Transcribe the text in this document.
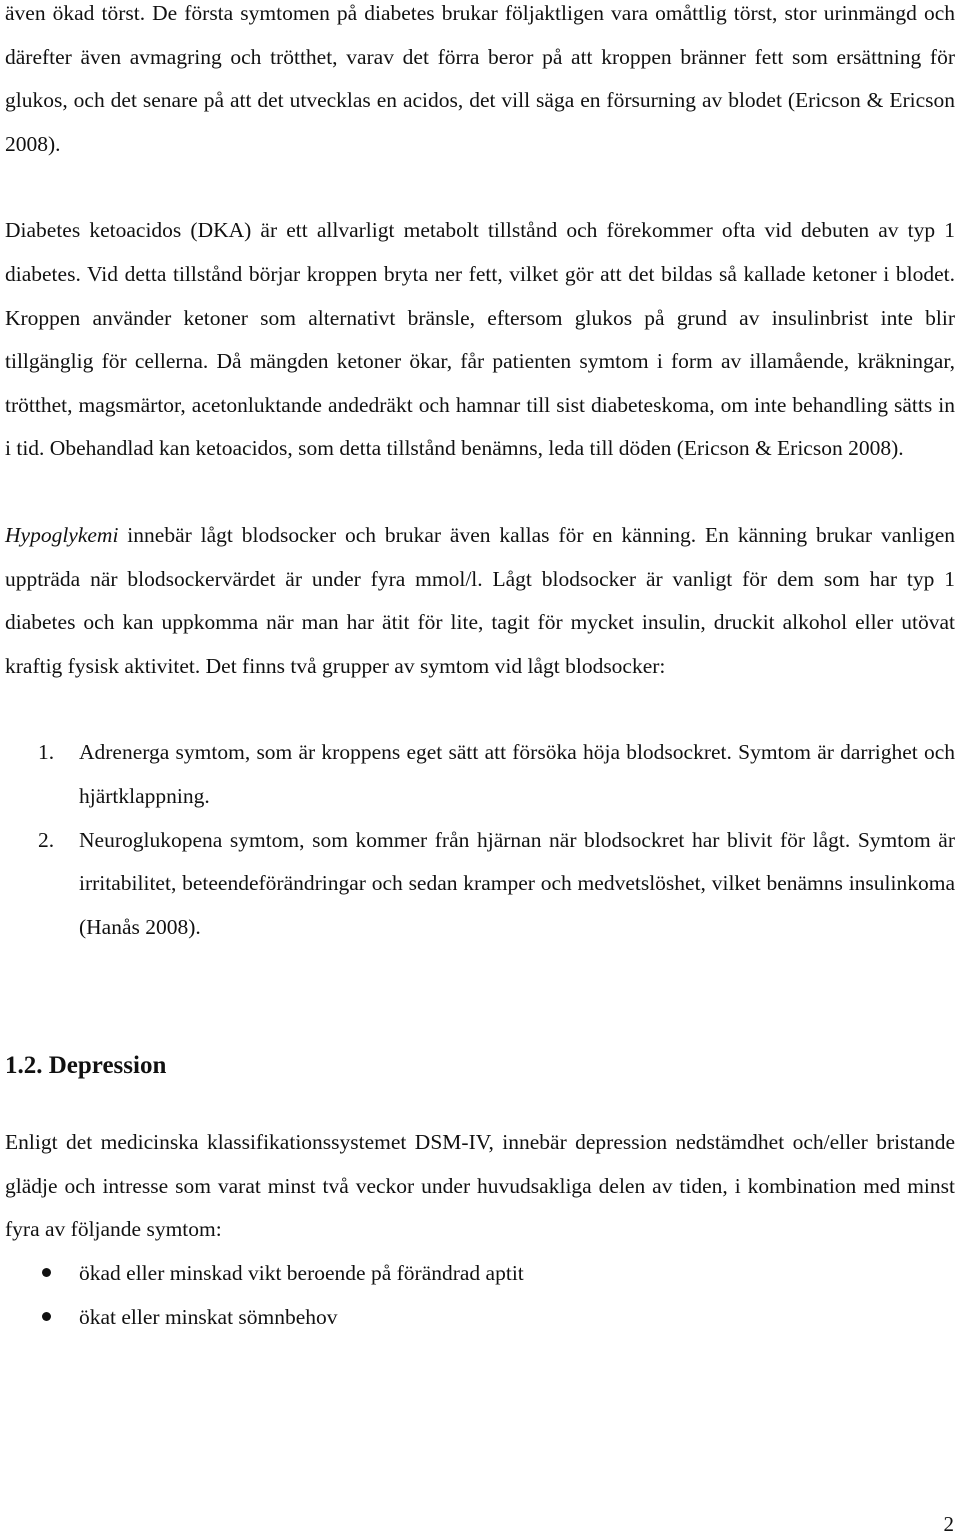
även ökad törst. De första symtomen på diabetes brukar följaktligen vara omåttlig törst, stor urinmängd och därefter även avmagring och trötthet, varav det förra beror på att kroppen bränner fett som ersättning för glukos, och det senare på att det utvecklas en acidos, det vill säga en försurning av blodet (Ericson & Ericson 2008).

Diabetes ketoacidos (DKA) är ett allvarligt metabolt tillstånd och förekommer ofta vid debuten av typ 1 diabetes. Vid detta tillstånd börjar kroppen bryta ner fett, vilket gör att det bildas så kallade ketoner i blodet. Kroppen använder ketoner som alternativt bränsle, eftersom glukos på grund av insulinbrist inte blir tillgänglig för cellerna. Då mängden ketoner ökar, får patienten symtom i form av illamående, kräkningar, trötthet, magsmärtor, acetonluktande andedräkt och hamnar till sist diabeteskoma, om inte behandling sätts in i tid. Obehandlad kan ketoacidos, som detta tillstånd benämns, leda till döden (Ericson & Ericson 2008).

Hypoglykemi innebär lågt blodsocker och brukar även kallas för en känning. En känning brukar vanligen uppträda när blodsockervärdet är under fyra mmol/l. Lågt blodsocker är vanligt för dem som har typ 1 diabetes och kan uppkomma när man har ätit för lite, tagit för mycket insulin, druckit alkohol eller utövat kraftig fysisk aktivitet. Det finns två grupper av symtom vid lågt blodsocker:

1. Adrenerga symtom, som är kroppens eget sätt att försöka höja blodsockret. Symtom är darrighet och hjärtklappning.
2. Neuroglukopena symtom, som kommer från hjärnan när blodsockret har blivit för lågt. Symtom är irritabilitet, beteendeförändringar och sedan kramper och medvetslöshet, vilket benämns insulinkoma (Hanås 2008).
1.2. Depression

Enligt det medicinska klassifikationssystemet DSM-IV, innebär depression nedstämdhet och/eller bristande glädje och intresse som varat minst två veckor under huvudsakliga delen av tiden, i kombination med minst fyra av följande symtom:

ökad eller minskad vikt beroende på förändrad aptit
ökat eller minskat sömnbehov
2
